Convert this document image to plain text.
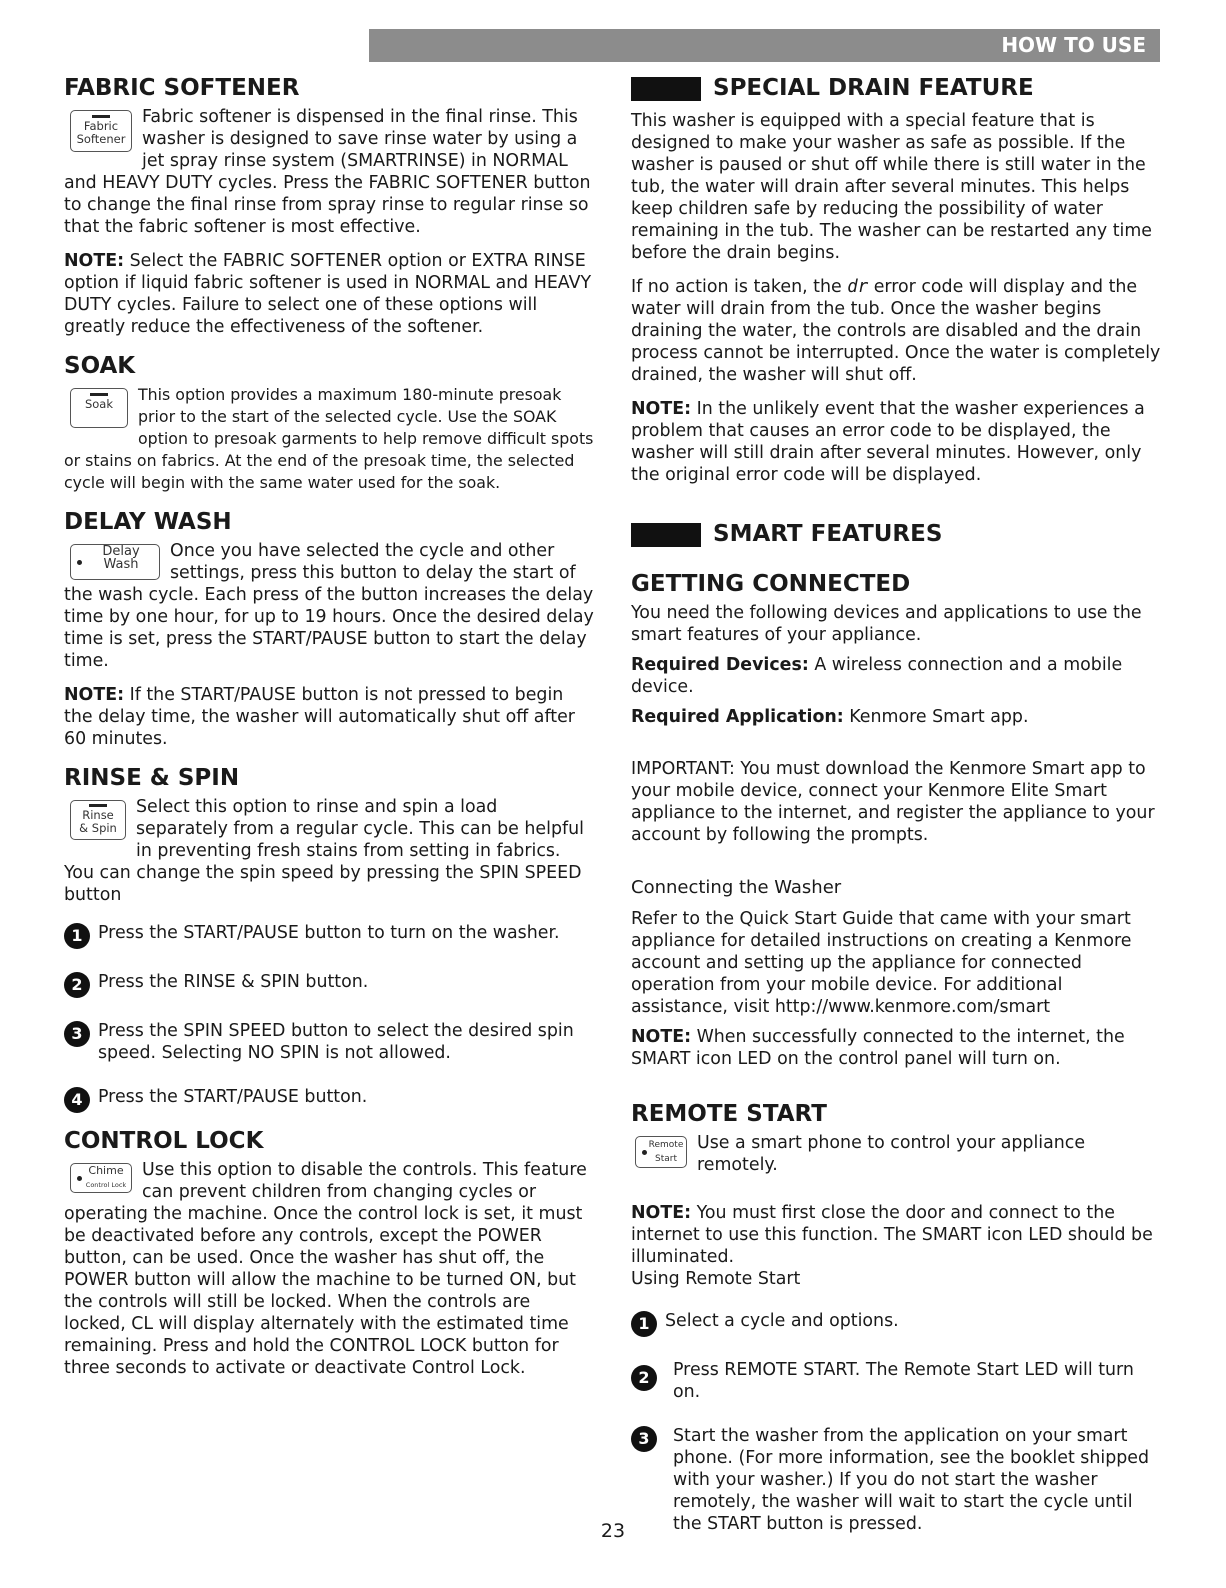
HOW TO USE
FABRIC SOFTENER
Fabric
Softener

Fabric softener is dispensed in the final rinse. This washer is designed to save rinse water by using a jet spray rinse system (SMARTRINSE) in NORMAL and HEAVY DUTY cycles. Press the FABRIC SOFTENER button to change the final rinse from spray rinse to regular rinse so that the fabric softener is most effective.

NOTE: Select the FABRIC SOFTENER option or EXTRA RINSE option if liquid fabric softener is used in NORMAL and HEAVY DUTY cycles. Failure to select one of these options will greatly reduce the effectiveness of the softener.

SOAK
Soak	This option provides a maximum 180-minute presoak prior to the start of the selected cycle. Use the SOAK option to presoak garments to help remove difficult spots or stains on fabrics. At the end of the presoak time, the selected cycle will begin with the same water used for the soak.

DELAY WASH
Delay
Wash

Once you have selected the cycle and other settings, press this button to delay the start of the wash cycle. Each press of the button increases the delay time by one hour, for up to 19 hours. Once the desired delay time is set, press the START/PAUSE button to start the delay time.

NOTE: If the START/PAUSE button is not pressed to begin the delay time, the washer will automatically shut off after 60 minutes.

RINSE & SPIN
Rinse
& Spin

Select this option to rinse and spin a load separately from a regular cycle. This can be helpful in preventing fresh stains from setting in fabrics. You can change the spin speed by pressing the SPIN SPEED button

1 Press the START/PAUSE button to turn on the washer.

2 Press the RINSE & SPIN button.

3 Press the SPIN SPEED button to select the desired spin speed. Selecting NO SPIN is not allowed.

4 Press the START/PAUSE button.

CONTROL LOCK
Chime
Control Lock

Use this option to disable the controls. This feature can prevent children from changing cycles or operating the machine. Once the control lock is set, it must be deactivated before any controls, except the POWER button, can be used. Once the washer has shut off, the POWER button will allow the machine to be turned ON, but the controls will still be locked. When the controls are locked, CL will display alternately with the estimated time remaining. Press and hold the CONTROL LOCK button for three seconds to activate or deactivate Control Lock.

SPECIAL DRAIN FEATURE

This washer is equipped with a special feature that is designed to make your washer as safe as possible. If the washer is paused or shut off while there is still water in the tub, the water will drain after several minutes. This helps keep children safe by reducing the possibility of water remaining in the tub. The washer can be restarted any time before the drain begins.

If no action is taken, the dr error code will display and the water will drain from the tub. Once the washer begins draining the water, the controls are disabled and the drain process cannot be interrupted. Once the water is completely drained, the washer will shut off.

NOTE: In the unlikely event that the washer experiences a problem that causes an error code to be displayed, the washer will still drain after several minutes. However, only the original error code will be displayed.

SMART FEATURES
GETTING CONNECTED

You need the following devices and applications to use the smart features of your appliance.

Required Devices: A wireless connection and a mobile device.

Required Application: Kenmore Smart app.

IMPORTANT: You must download the Kenmore Smart app to your mobile device, connect your Kenmore Elite Smart appliance to the internet, and register the appliance to your account by following the prompts.

Connecting the Washer

Refer to the Quick Start Guide that came with your smart appliance for detailed instructions on creating a Kenmore account and setting up the appliance for connected operation from your mobile device. For additional assistance, visit http://www.kenmore.com/smart

NOTE: When successfully connected to the internet, the SMART icon LED on the control panel will turn on.

REMOTE START
Remote
Start

Use a smart phone to control your appliance remotely.

NOTE: You must first close the door and connect to the internet to use this function. The SMART icon LED should be illuminated.

Using Remote Start

1 Select a cycle and options.

2	Press REMOTE START. The Remote Start LED will turn on.

3	Start the washer from the application on your smart phone. (For more information, see the booklet shipped with your washer.) If you do not start the washer remotely, the washer will wait to start the cycle until the START button is pressed.

23
